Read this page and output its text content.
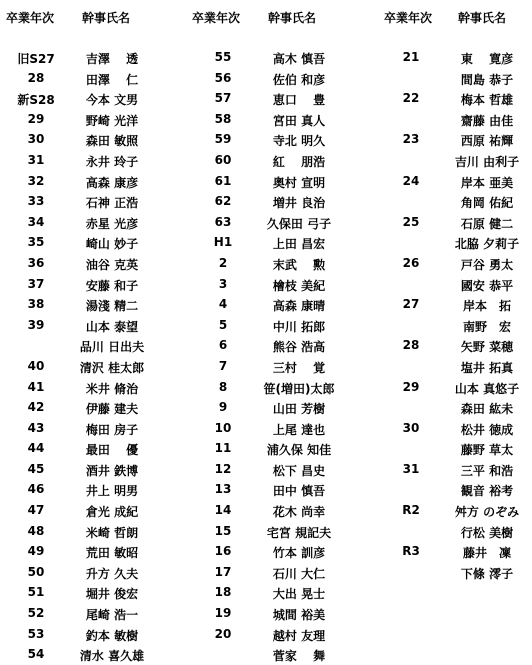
卒業年次 幹事氏名
旧S27	吉澤　 透
28	田澤　 仁
新S28	今本 文男
29	野崎 光洋
30	森田 敏照
31	永井 玲子
32	高森 康彦
33	石神 正浩
34	赤星 光彦
35	崎山 妙子
36	油谷 克英
37	安藤 和子
38	湯淺 精二
39	山本 泰望
品川 日出夫
40	清沢 桂太郎
41	米井 脩治
42	伊藤 建夫
43	梅田 房子
44	最田　 優
45	酒井 鉄博
46	井上 明男
47	倉光 成紀
48	米崎 哲朗
49	荒田 敏昭
50	升方 久夫
51	堀井 俊宏
52	尾崎 浩一
53	釣本 敏樹
54	清水 喜久雄
卒業年次 幹事氏名
55	高木 慎吾
56	佐伯 和彦
57	恵口　 豊
58	宮田 真人
59	寺北 明久
60	紅　 朋浩
61	奥村 宣明
62	増井 良治
63	久保田 弓子
H1	上田 昌宏
2	末武　 勲
3	檜枝 美紀
4	高森 康晴
5	中川 拓郎
6	熊谷 浩高
7	三村　 覚
8	笹(増田)太郎
9	山田 芳樹
10	上尾 達也
11	浦久保 知佳
12	松下 昌史
13	田中 慎吾
14	花木 尚幸
15	宅宮 規記夫
16	竹本 訓彦
17	石川 大仁
18	大出 晃士
19	城間 裕美
20	越村 友理
菅家　 舞
卒業年次 幹事氏名
21	東　 寛彦
間島 恭子
22	梅本 哲雄
齋藤 由佳
23	西原 祐輝
吉川 由利子
24	岸本 亜美
角岡 佑紀
25	石原 健二
北脇 夕莉子
26	戸谷 勇太
國安 恭平
27	岸本　拓
南野　宏
28	矢野 菜穂
塩井 拓真
29	山本 真悠子
森田 紘未
30	松井 徳成
藤野 草太
31	三平 和浩
観音 裕考
R2	舛方 のぞみ
行松 美樹
R3	藤井　凜
下條 澪子
